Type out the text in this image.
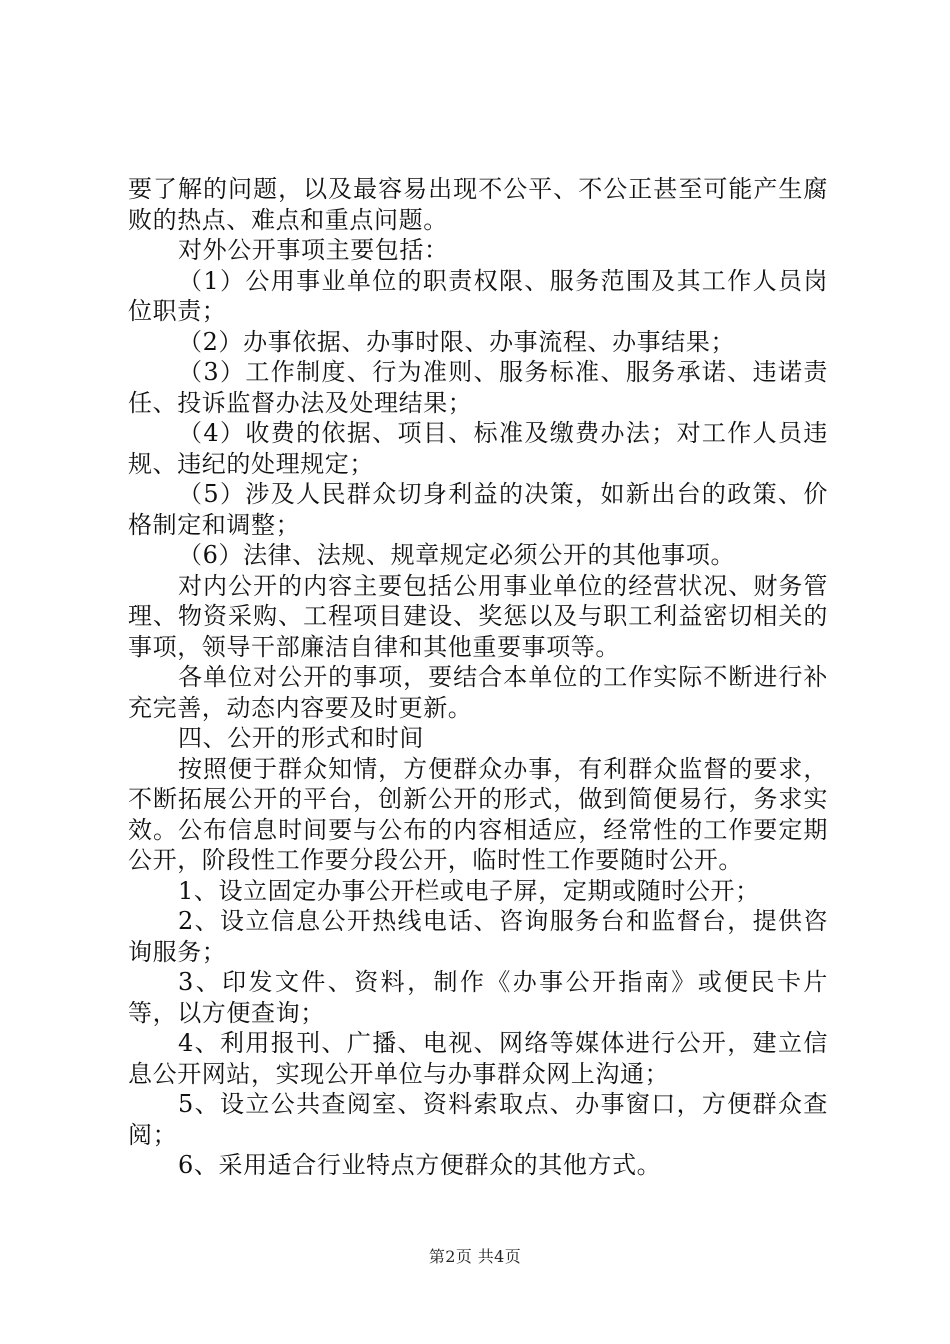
要了解的问题，以及最容易出现不公平、不公正甚至可能产生腐败的热点、难点和重点问题。

对外公开事项主要包括：

（1）公用事业单位的职责权限、服务范围及其工作人员岗位职责；

（2）办事依据、办事时限、办事流程、办事结果；

（3）工作制度、行为准则、服务标准、服务承诺、违诺责任、投诉监督办法及处理结果；

（4）收费的依据、项目、标准及缴费办法；对工作人员违规、违纪的处理规定；

（5）涉及人民群众切身利益的决策，如新出台的政策、价格制定和调整；

（6）法律、法规、规章规定必须公开的其他事项。

对内公开的内容主要包括公用事业单位的经营状况、财务管理、物资采购、工程项目建设、奖惩以及与职工利益密切相关的事项，领导干部廉洁自律和其他重要事项等。

各单位对公开的事项，要结合本单位的工作实际不断进行补充完善，动态内容要及时更新。

四、公开的形式和时间

按照便于群众知情，方便群众办事，有利群众监督的要求，不断拓展公开的平台，创新公开的形式，做到简便易行，务求实效。公布信息时间要与公布的内容相适应，经常性的工作要定期公开，阶段性工作要分段公开，临时性工作要随时公开。

1、设立固定办事公开栏或电子屏，定期或随时公开；

2、设立信息公开热线电话、咨询服务台和监督台，提供咨询服务；

3、印发文件、资料，制作《办事公开指南》或便民卡片等，以方便查询；

4、利用报刊、广播、电视、网络等媒体进行公开，建立信息公开网站，实现公开单位与办事群众网上沟通；

5、设立公共查阅室、资料索取点、办事窗口，方便群众查阅；

6、采用适合行业特点方便群众的其他方式。

第2页 共4页
